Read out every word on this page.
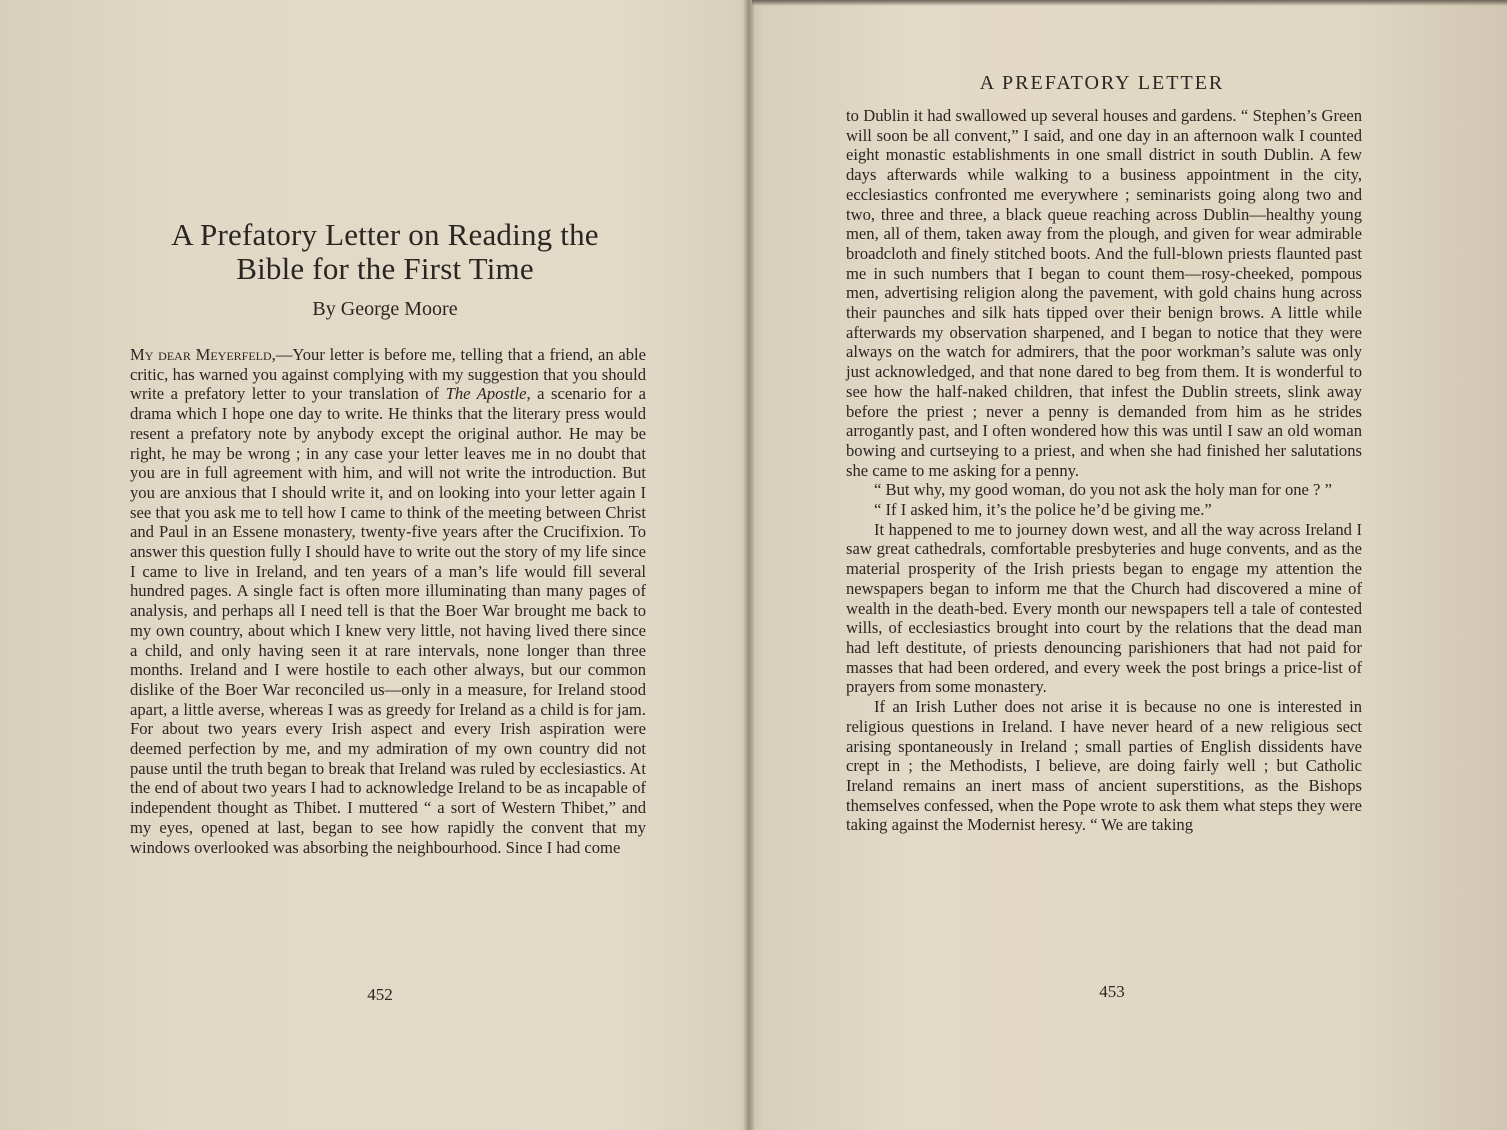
A Prefatory Letter on Reading the
Bible for the First Time

By George Moore

My dear Meyerfeld,—Your letter is before me, telling that a friend, an able critic, has warned you against complying with my suggestion that you should write a prefatory letter to your translation of The Apostle, a scenario for a drama which I hope one day to write. He thinks that the literary press would resent a prefatory note by anybody except the original author. He may be right, he may be wrong ; in any case your letter leaves me in no doubt that you are in full agreement with him, and will not write the introduction. But you are anxious that I should write it, and on looking into your letter again I see that you ask me to tell how I came to think of the meeting between Christ and Paul in an Essene monastery, twenty-five years after the Crucifixion. To answer this question fully I should have to write out the story of my life since I came to live in Ireland, and ten years of a man’s life would fill several hundred pages. A single fact is often more illuminating than many pages of analysis, and perhaps all I need tell is that the Boer War brought me back to my own country, about which I knew very little, not having lived there since a child, and only having seen it at rare intervals, none longer than three months. Ireland and I were hostile to each other always, but our common dislike of the Boer War reconciled us—only in a measure, for Ireland stood apart, a little averse, whereas I was as greedy for Ireland as a child is for jam. For about two years every Irish aspect and every Irish aspiration were deemed perfection by me, and my admiration of my own country did not pause until the truth began to break that Ireland was ruled by ecclesiastics. At the end of about two years I had to acknowledge Ireland to be as incapable of independent thought as Thibet. I muttered “ a sort of Western Thibet,” and my eyes, opened at last, began to see how rapidly the convent that my windows overlooked was absorbing the neighbourhood. Since I had come

452

A PREFATORY LETTER

to Dublin it had swallowed up several houses and gardens. “ Stephen’s Green will soon be all convent,” I said, and one day in an afternoon walk I counted eight monastic establishments in one small district in south Dublin. A few days afterwards while walking to a business appointment in the city, ecclesiastics confronted me everywhere ; seminarists going along two and two, three and three, a black queue reaching across Dublin—healthy young men, all of them, taken away from the plough, and given for wear admirable broadcloth and finely stitched boots. And the full-blown priests flaunted past me in such numbers that I began to count them—rosy-cheeked, pompous men, advertising religion along the pavement, with gold chains hung across their paunches and silk hats tipped over their benign brows. A little while afterwards my observation sharpened, and I began to notice that they were always on the watch for admirers, that the poor workman’s salute was only just acknowledged, and that none dared to beg from them. It is wonderful to see how the half-naked children, that infest the Dublin streets, slink away before the priest ; never a penny is demanded from him as he strides arrogantly past, and I often wondered how this was until I saw an old woman bowing and curtseying to a priest, and when she had finished her salutations she came to me asking for a penny.

“ But why, my good woman, do you not ask the holy man for one ? ”

“ If I asked him, it’s the police he’d be giving me.”

It happened to me to journey down west, and all the way across Ireland I saw great cathedrals, comfortable presbyteries and huge convents, and as the material prosperity of the Irish priests began to engage my attention the newspapers began to inform me that the Church had discovered a mine of wealth in the death-bed. Every month our newspapers tell a tale of contested wills, of ecclesiastics brought into court by the relations that the dead man had left destitute, of priests denouncing parishioners that had not paid for masses that had been ordered, and every week the post brings a price-list of prayers from some monastery.

If an Irish Luther does not arise it is because no one is interested in religious questions in Ireland. I have never heard of a new religious sect arising spontaneously in Ireland ; small parties of English dissidents have crept in ; the Methodists, I believe, are doing fairly well ; but Catholic Ireland remains an inert mass of ancient superstitions, as the Bishops themselves confessed, when the Pope wrote to ask them what steps they were taking against the Modernist heresy. “ We are taking

453
